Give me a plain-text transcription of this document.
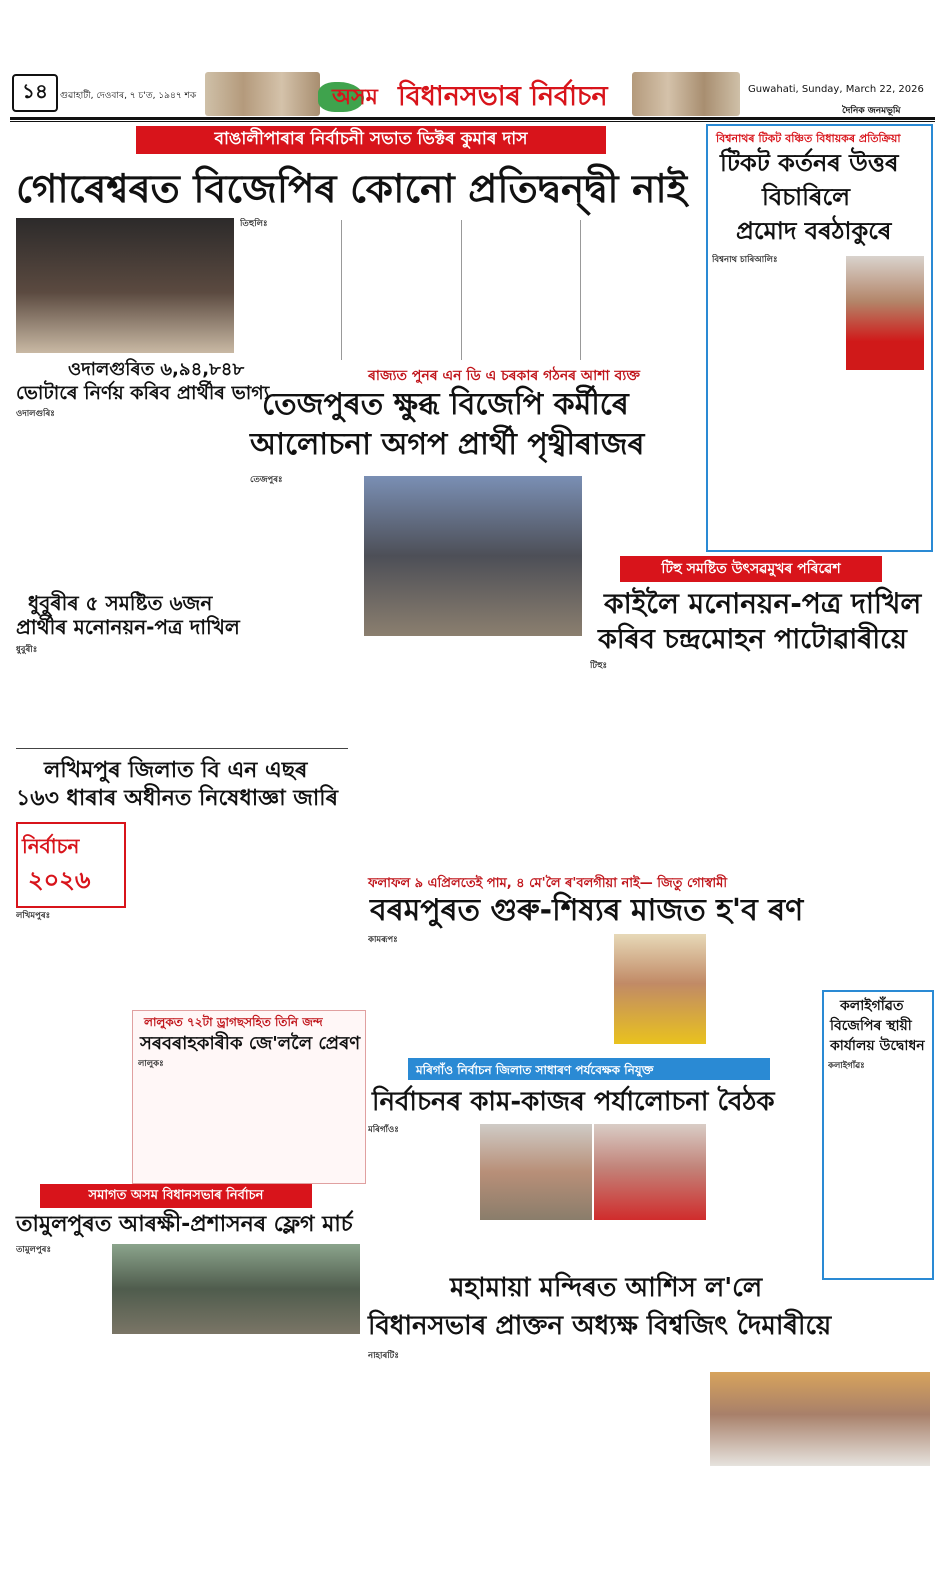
১৪ গুৱাহাটী, দেওবাৰ, ৭ চ'ত, ১৯৪৭ শক	অসম বিধানসভাৰ নিৰ্বাচন	Guwahati, Sunday, March 22, 2026
দৈনিক জনমভূমি
বাঙালীপাৰাৰ নিৰ্বাচনী সভাত ভিক্টৰ কুমাৰ দাস
গোৰেশ্বৰত বিজেপিৰ কোনো প্ৰতিদ্বন্দ্বী নাই
তিহুলিঃ
ওদালগুৰিত ৬,৯৪,৮৪৮
ভোটাৰে নিৰ্ণয় কৰিব প্ৰাৰ্থীৰ ভাগ্য
ওদালগুৰিঃ
ৰাজ্যত পুনৰ এন ডি এ চৰকাৰ গঠনৰ আশা ব্যক্ত
তেজপুৰত ক্ষুব্ধ বিজেপি কৰ্মীৰে
আলোচনা অগপ প্ৰাৰ্থী পৃথ্বীৰাজৰ
তেজপুৰঃ
বিশ্বনাথৰ টিকট বঞ্চিত বিধায়কৰ প্ৰতিক্ৰিয়া
টিকট কৰ্তনৰ উত্তৰ
বিচাৰিলে
প্ৰমোদ বৰঠাকুৰে
বিশ্বনাথ চাৰিআলিঃ
ধুবুৰীৰ ৫ সমষ্টিত ৬জন
প্ৰাৰ্থীৰ মনোনয়ন-পত্ৰ দাখিল
ধুবুৰীঃ
টিহু সমষ্টিত উৎসৱমুখৰ পৰিৱেশ
কাইলৈ মনোনয়ন-পত্ৰ দাখিল
কৰিব চন্দ্ৰমোহন পাটোৱাৰীয়ে
টিহুঃ
লখিমপুৰ জিলাত বি এন এছৰ
১৬৩ ধাৰাৰ অধীনত নিষেধাজ্ঞা জাৰি
নিৰ্বাচন
২০২৬
লখিমপুৰঃ
ফলাফল ৯ এপ্ৰিলতেই পাম, ৪ মে'লৈ ৰ'বলগীয়া নাই— জিতু গোস্বামী
বৰমপুৰত গুৰু-শিষ্যৰ মাজত হ'ব ৰণ
কামৰূপঃ
লালুকত ৭২টা ড্ৰাগছসহিত তিনি জন্দ
সৰবৰাহকাৰীক জে'ললৈ প্ৰেৰণ
লালুকঃ
কলাইগাঁৱত
বিজেপিৰ স্থায়ী
কাৰ্যালয় উদ্বোধন
কলাইগাঁৱঃ
মৰিগাঁও নিৰ্বাচন জিলাত সাধাৰণ পৰ্যবেক্ষক নিযুক্ত
নিৰ্বাচনৰ কাম-কাজৰ পৰ্যালোচনা বৈঠক
মৰিগাঁওঃ
সমাগত অসম বিধানসভাৰ নিৰ্বাচন
তামুলপুৰত আৰক্ষী-প্ৰশাসনৰ ফ্লেগ মাৰ্চ
তামুলপুৰঃ
মহামায়া মন্দিৰত আশিস ল'লে
বিধানসভাৰ প্ৰাক্তন অধ্যক্ষ বিশ্বজিৎ দৈমাৰীয়ে
নাহাৰটিঃ
